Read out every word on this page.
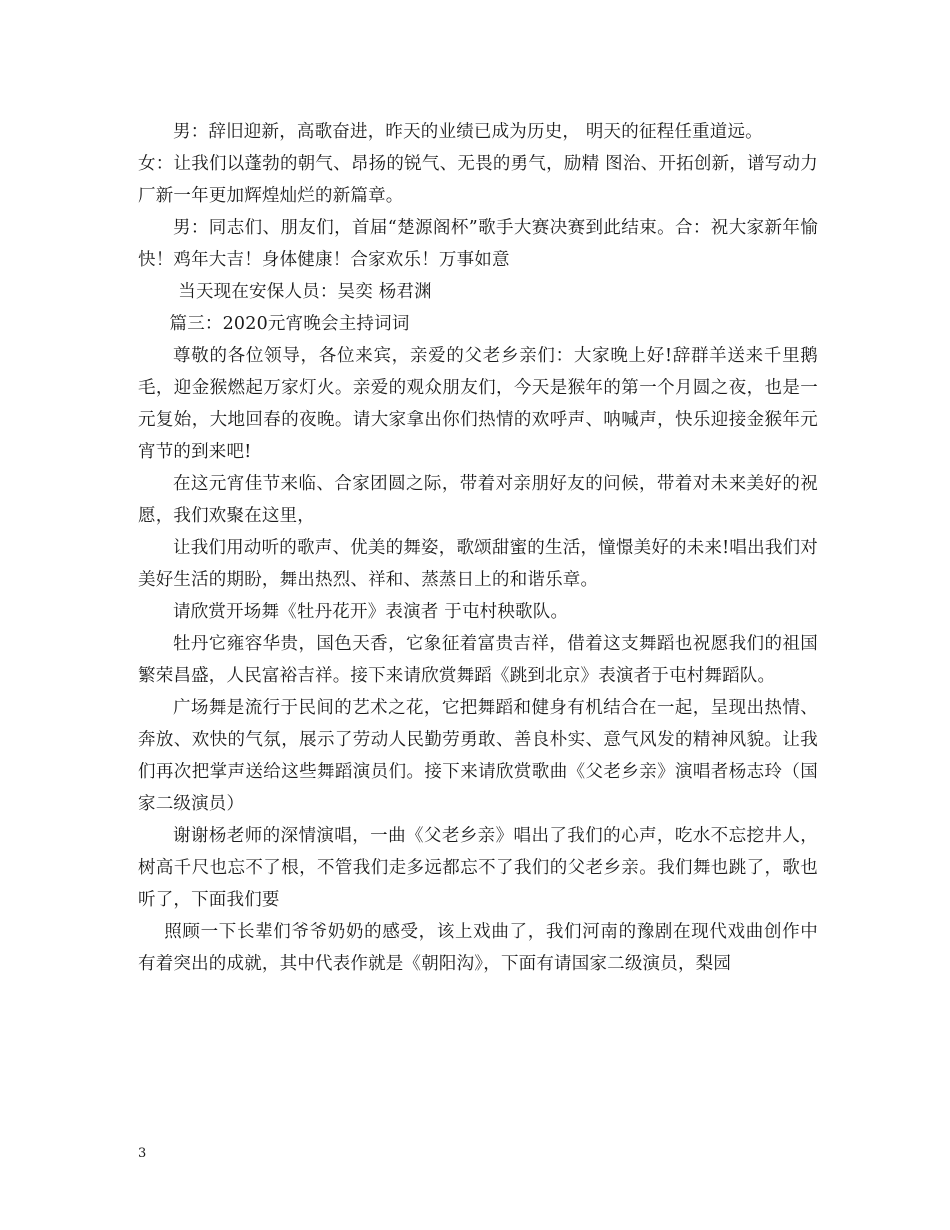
男：辞旧迎新，高歌奋进，昨天的业绩已成为历史， 明天的征程任重道远。

女：让我们以蓬勃的朝气、昂扬的锐气、无畏的勇气，励精 图治、开拓创新，谱写动力厂新一年更加辉煌灿烂的新篇章。

男：同志们、朋友们，首届“楚源阁杯”歌手大赛决赛到此结束。合：祝大家新年愉快！鸡年大吉！身体健康！合家欢乐！万事如意

当天现在安保人员：吴奕 杨君渊

篇三：2020元宵晚会主持词词

尊敬的各位领导，各位来宾，亲爱的父老乡亲们：大家晚上好!辞群羊送来千里鹅毛，迎金猴燃起万家灯火。亲爱的观众朋友们，今天是猴年的第一个月圆之夜，也是一元复始，大地回春的夜晚。请大家拿出你们热情的欢呼声、呐喊声，快乐迎接金猴年元宵节的到来吧!

在这元宵佳节来临、合家团圆之际，带着对亲朋好友的问候，带着对未来美好的祝愿，我们欢聚在这里，

让我们用动听的歌声、优美的舞姿，歌颂甜蜜的生活，憧憬美好的未来!唱出我们对美好生活的期盼，舞出热烈、祥和、蒸蒸日上的和谐乐章。

请欣赏开场舞《牡丹花开》表演者 于屯村秧歌队。

牡丹它雍容华贵，国色天香，它象征着富贵吉祥，借着这支舞蹈也祝愿我们的祖国繁荣昌盛，人民富裕吉祥。接下来请欣赏舞蹈《跳到北京》表演者于屯村舞蹈队。

广场舞是流行于民间的艺术之花，它把舞蹈和健身有机结合在一起，呈现出热情、奔放、欢快的气氛，展示了劳动人民勤劳勇敢、善良朴实、意气风发的精神风貌。让我们再次把掌声送给这些舞蹈演员们。接下来请欣赏歌曲《父老乡亲》演唱者杨志玲（国家二级演员）

谢谢杨老师的深情演唱，一曲《父老乡亲》唱出了我们的心声，吃水不忘挖井人，树高千尺也忘不了根，不管我们走多远都忘不了我们的父老乡亲。我们舞也跳了，歌也听了，下面我们要

照顾一下长辈们爷爷奶奶的感受，该上戏曲了，我们河南的豫剧在现代戏曲创作中有着突出的成就，其中代表作就是《朝阳沟》，下面有请国家二级演员，梨园

3
